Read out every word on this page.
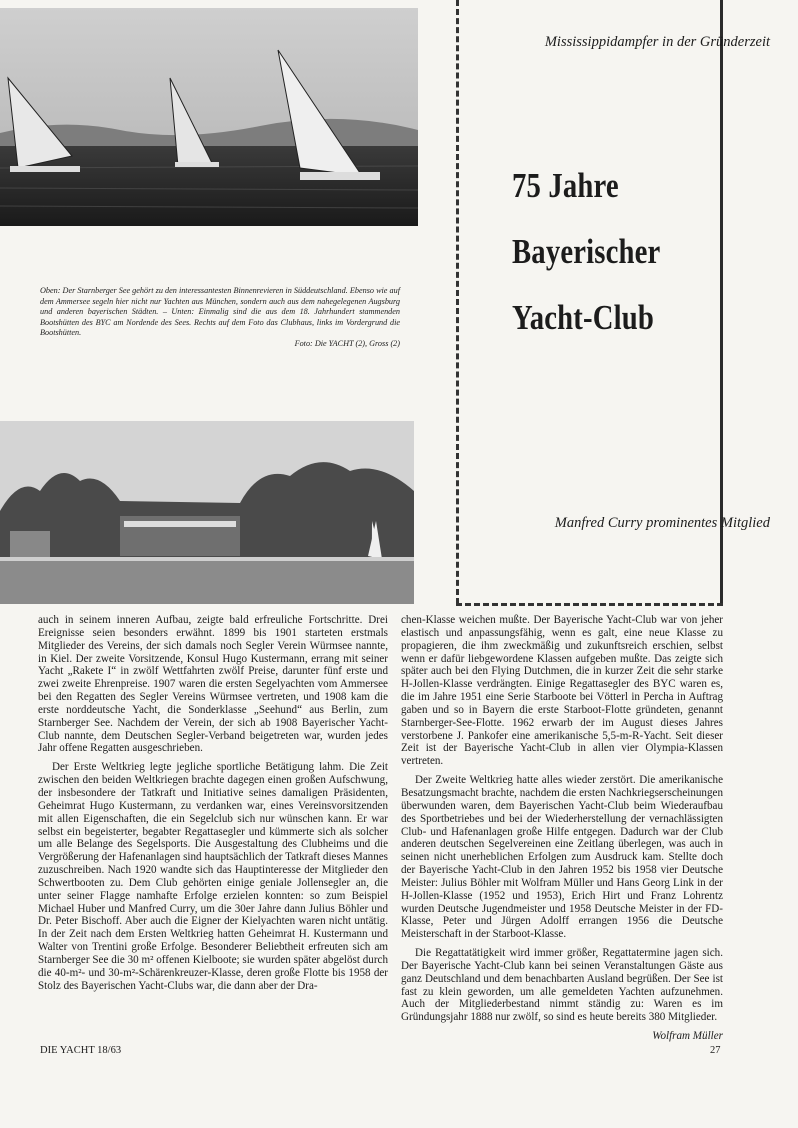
Oben: Der Starnberger See gehört zu den interessantesten Binnenrevieren in Süddeutschland. Ebenso wie auf dem Ammersee segeln hier nicht nur Yachten aus München, sondern auch aus dem nahegelegenen Augsburg und anderen bayerischen Städten. – Unten: Einmalig sind die aus dem 18. Jahrhundert stammenden Bootshütten des BYC am Nordende des Sees. Rechts auf dem Foto das Clubhaus, links im Vordergrund die Bootshütten.
Foto: Die YACHT (2), Gross (2)
Mississippidampfer in der Gründerzeit
75 Jahre
Bayerischer
Yacht-Club
Manfred Curry prominentes Mitglied

auch in seinem inneren Aufbau, zeigte bald erfreuliche Fortschritte. Drei Ereignisse seien besonders erwähnt. 1899 bis 1901 starteten erstmals Mitglieder des Vereins, der sich damals noch Segler Verein Würmsee nannte, in Kiel. Der zweite Vorsitzende, Konsul Hugo Kustermann, errang mit seiner Yacht „Rakete I“ in zwölf Wettfahrten zwölf Preise, darunter fünf erste und zwei zweite Ehrenpreise. 1907 waren die ersten Segelyachten vom Ammersee bei den Regatten des Segler Vereins Würmsee vertreten, und 1908 kam die erste norddeutsche Yacht, die Sonderklasse „Seehund“ aus Berlin, zum Starnberger See. Nachdem der Verein, der sich ab 1908 Bayerischer Yacht-Club nannte, dem Deutschen Segler-Verband beigetreten war, wurden jedes Jahr offene Regatten ausgeschrieben.

Der Erste Weltkrieg legte jegliche sportliche Betätigung lahm. Die Zeit zwischen den beiden Weltkriegen brachte dagegen einen großen Aufschwung, der insbesondere der Tatkraft und Initiative seines damaligen Präsidenten, Geheimrat Hugo Kustermann, zu verdanken war, eines Vereinsvorsitzenden mit allen Eigenschaften, die ein Segelclub sich nur wünschen kann. Er war selbst ein begeisterter, begabter Regattasegler und kümmerte sich als solcher um alle Belange des Segelsports. Die Ausgestaltung des Clubheims und die Vergrößerung der Hafenanlagen sind hauptsächlich der Tatkraft dieses Mannes zuzuschreiben. Nach 1920 wandte sich das Hauptinteresse der Mitglieder den Schwertbooten zu. Dem Club gehörten einige geniale Jollensegler an, die unter seiner Flagge namhafte Erfolge erzielen konnten: so zum Beispiel Michael Huber und Manfred Curry, um die 30er Jahre dann Julius Böhler und Dr. Peter Bischoff. Aber auch die Eigner der Kielyachten waren nicht untätig. In der Zeit nach dem Ersten Weltkrieg hatten Geheimrat H. Kustermann und Walter von Trentini große Erfolge. Besonderer Beliebtheit erfreuten sich am Starnberger See die 30 m² offenen Kielboote; sie wurden später abgelöst durch die 40-m²- und 30-m²-Schärenkreuzer-Klasse, deren große Flotte bis 1958 der Stolz des Bayerischen Yacht-Clubs war, die dann aber der Dra-

chen-Klasse weichen mußte. Der Bayerische Yacht-Club war von jeher elastisch und anpassungsfähig, wenn es galt, eine neue Klasse zu propagieren, die ihm zweckmäßig und zukunftsreich erschien, selbst wenn er dafür liebgewordene Klassen aufgeben mußte. Das zeigte sich später auch bei den Flying Dutchmen, die in kurzer Zeit die sehr starke H-Jollen-Klasse verdrängten. Einige Regattasegler des BYC waren es, die im Jahre 1951 eine Serie Starboote bei Vötterl in Percha in Auftrag gaben und so in Bayern die erste Starboot-Flotte gründeten, genannt Starnberger-See-Flotte. 1962 erwarb der im August dieses Jahres verstorbene J. Pankofer eine amerikanische 5,5-m-R-Yacht. Seit dieser Zeit ist der Bayerische Yacht-Club in allen vier Olympia-Klassen vertreten.

Der Zweite Weltkrieg hatte alles wieder zerstört. Die amerikanische Besatzungsmacht brachte, nachdem die ersten Nachkriegserscheinungen überwunden waren, dem Bayerischen Yacht-Club beim Wiederaufbau des Sportbetriebes und bei der Wiederherstellung der vernachlässigten Club- und Hafenanlagen große Hilfe entgegen. Dadurch war der Club anderen deutschen Segelvereinen eine Zeitlang überlegen, was auch in seinen nicht unerheblichen Erfolgen zum Ausdruck kam. Stellte doch der Bayerische Yacht-Club in den Jahren 1952 bis 1958 vier Deutsche Meister: Julius Böhler mit Wolfram Müller und Hans Georg Link in der H-Jollen-Klasse (1952 und 1953), Erich Hirt und Franz Lohrentz wurden Deutsche Jugendmeister und 1958 Deutsche Meister in der FD-Klasse, Peter und Jürgen Adolff errangen 1956 die Deutsche Meisterschaft in der Starboot-Klasse.

Die Regattatätigkeit wird immer größer, Regattatermine jagen sich. Der Bayerische Yacht-Club kann bei seinen Veranstaltungen Gäste aus ganz Deutschland und dem benachbarten Ausland begrüßen. Der See ist fast zu klein geworden, um alle gemeldeten Yachten aufzunehmen. Auch der Mitgliederbestand nimmt ständig zu: Waren es im Gründungsjahr 1888 nur zwölf, so sind es heute bereits 380 Mitglieder.

Wolfram Müller
DIE YACHT 18/63	27
